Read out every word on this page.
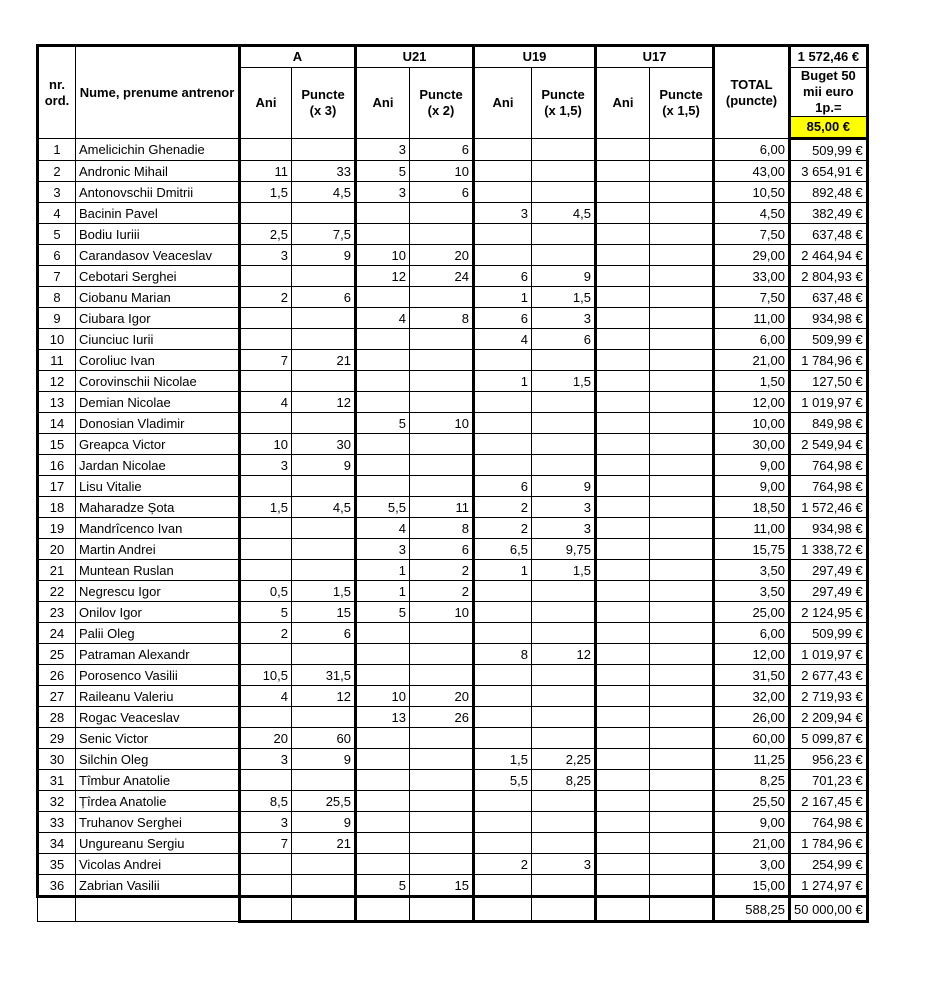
nr. ord.	Nume, prenume antrenor	A		U21		U19		U17		TOTAL (puncte)	1 572,46 €
		Ani	Puncte (x 3)	Ani	Puncte (x 2)	Ani	Puncte (x 1,5)	Ani	Puncte (x 1,5)		Buget 50 mii euro 1p.=
											85,00 €
1	Amelicichin Ghenadie			3	6					6,00	509,99 €
2	Andronic Mihail	11	33	5	10					43,00	3 654,91 €
3	Antonovschii Dmitrii	1,5	4,5	3	6					10,50	892,48 €
4	Bacinin Pavel					3	4,5			4,50	382,49 €
5	Bodiu Iuriii	2,5	7,5							7,50	637,48 €
6	Carandasov Veaceslav	3	9	10	20					29,00	2 464,94 €
7	Cebotari Serghei			12	24	6	9			33,00	2 804,93 €
8	Ciobanu Marian	2	6			1	1,5			7,50	637,48 €
9	Ciubara Igor			4	8	6	3			11,00	934,98 €
10	Ciunciuc Iurii					4	6			6,00	509,99 €
11	Coroliuc Ivan	7	21							21,00	1 784,96 €
12	Corovinschii Nicolae					1	1,5			1,50	127,50 €
13	Demian Nicolae	4	12							12,00	1 019,97 €
14	Donosian Vladimir			5	10					10,00	849,98 €
15	Greapca Victor	10	30							30,00	2 549,94 €
16	Jardan Nicolae	3	9							9,00	764,98 €
17	Lisu Vitalie					6	9			9,00	764,98 €
18	Maharadze Șota	1,5	4,5	5,5	11	2	3			18,50	1 572,46 €
19	Mandrîcenco Ivan			4	8	2	3			11,00	934,98 €
20	Martin Andrei			3	6	6,5	9,75			15,75	1 338,72 €
21	Muntean Ruslan			1	2	1	1,5			3,50	297,49 €
22	Negrescu Igor	0,5	1,5	1	2					3,50	297,49 €
23	Onilov Igor	5	15	5	10					25,00	2 124,95 €
24	Palii Oleg	2	6							6,00	509,99 €
25	Patraman Alexandr					8	12			12,00	1 019,97 €
26	Porosenco Vasilii	10,5	31,5							31,50	2 677,43 €
27	Raileanu Valeriu	4	12	10	20					32,00	2 719,93 €
28	Rogac Veaceslav			13	26					26,00	2 209,94 €
29	Senic Victor	20	60							60,00	5 099,87 €
30	Silchin Oleg	3	9			1,5	2,25			11,25	956,23 €
31	Tîmbur Anatolie					5,5	8,25			8,25	701,23 €
32	Țîrdea Anatolie	8,5	25,5							25,50	2 167,45 €
33	Truhanov Serghei	3	9							9,00	764,98 €
34	Ungureanu Sergiu	7	21							21,00	1 784,96 €
35	Vicolas Andrei					2	3			3,00	254,99 €
36	Zabrian Vasilii			5	15					15,00	1 274,97 €
										588,25	50 000,00 €
